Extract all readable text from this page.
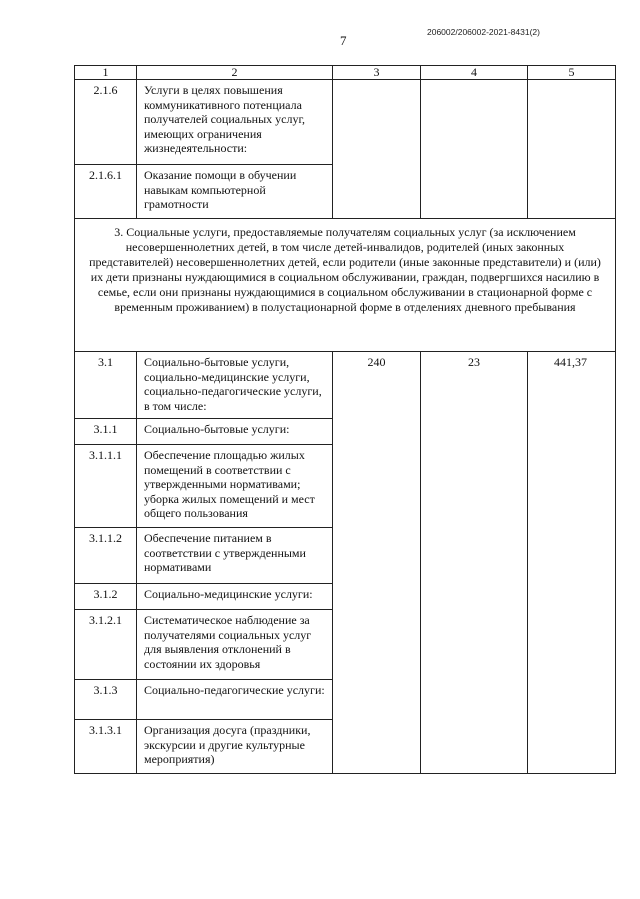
7
206002/206002-2021-8431(2)
1	2	3	4	5
2.1.6	Услуги в целях повышения коммуникативного потенциала получателей социальных услуг, имеющих ограничения жизнедеятельности:			
2.1.6.1	Оказание помощи в обучении навыкам компьютерной грамотности			
3. Социальные услуги, предоставляемые получателям социальных услуг (за исключением несовершеннолетних детей, в том числе детей-инвалидов, родителей (иных законных представителей) несовершеннолетних детей, если родители (иные законные представители) и (или) их дети признаны нуждающимися в социальном обслуживании, граждан, подвергшихся насилию в семье, если они признаны нуждающимися в социальном обслуживании в стационарной форме с временным проживанием) в полустационарной форме в отделениях дневного пребывания				
3.1	Социально-бытовые услуги, социально-медицинские услуги, социально-педагогические услуги, в том числе:	240	23	441,37
3.1.1	Социально-бытовые услуги:			
3.1.1.1	Обеспечение площадью жилых помещений в соответствии с утвержденными нормативами; уборка жилых помещений и мест общего пользования			
3.1.1.2	Обеспечение питанием в соответствии с утвержденными нормативами			
3.1.2	Социально-медицинские услуги:			
3.1.2.1	Систематическое наблюдение за получателями социальных услуг для выявления отклонений в состоянии их здоровья			
3.1.3	Социально-педагогические услуги:			
3.1.3.1	Организация досуга (праздники, экскурсии и другие культурные мероприятия)			
